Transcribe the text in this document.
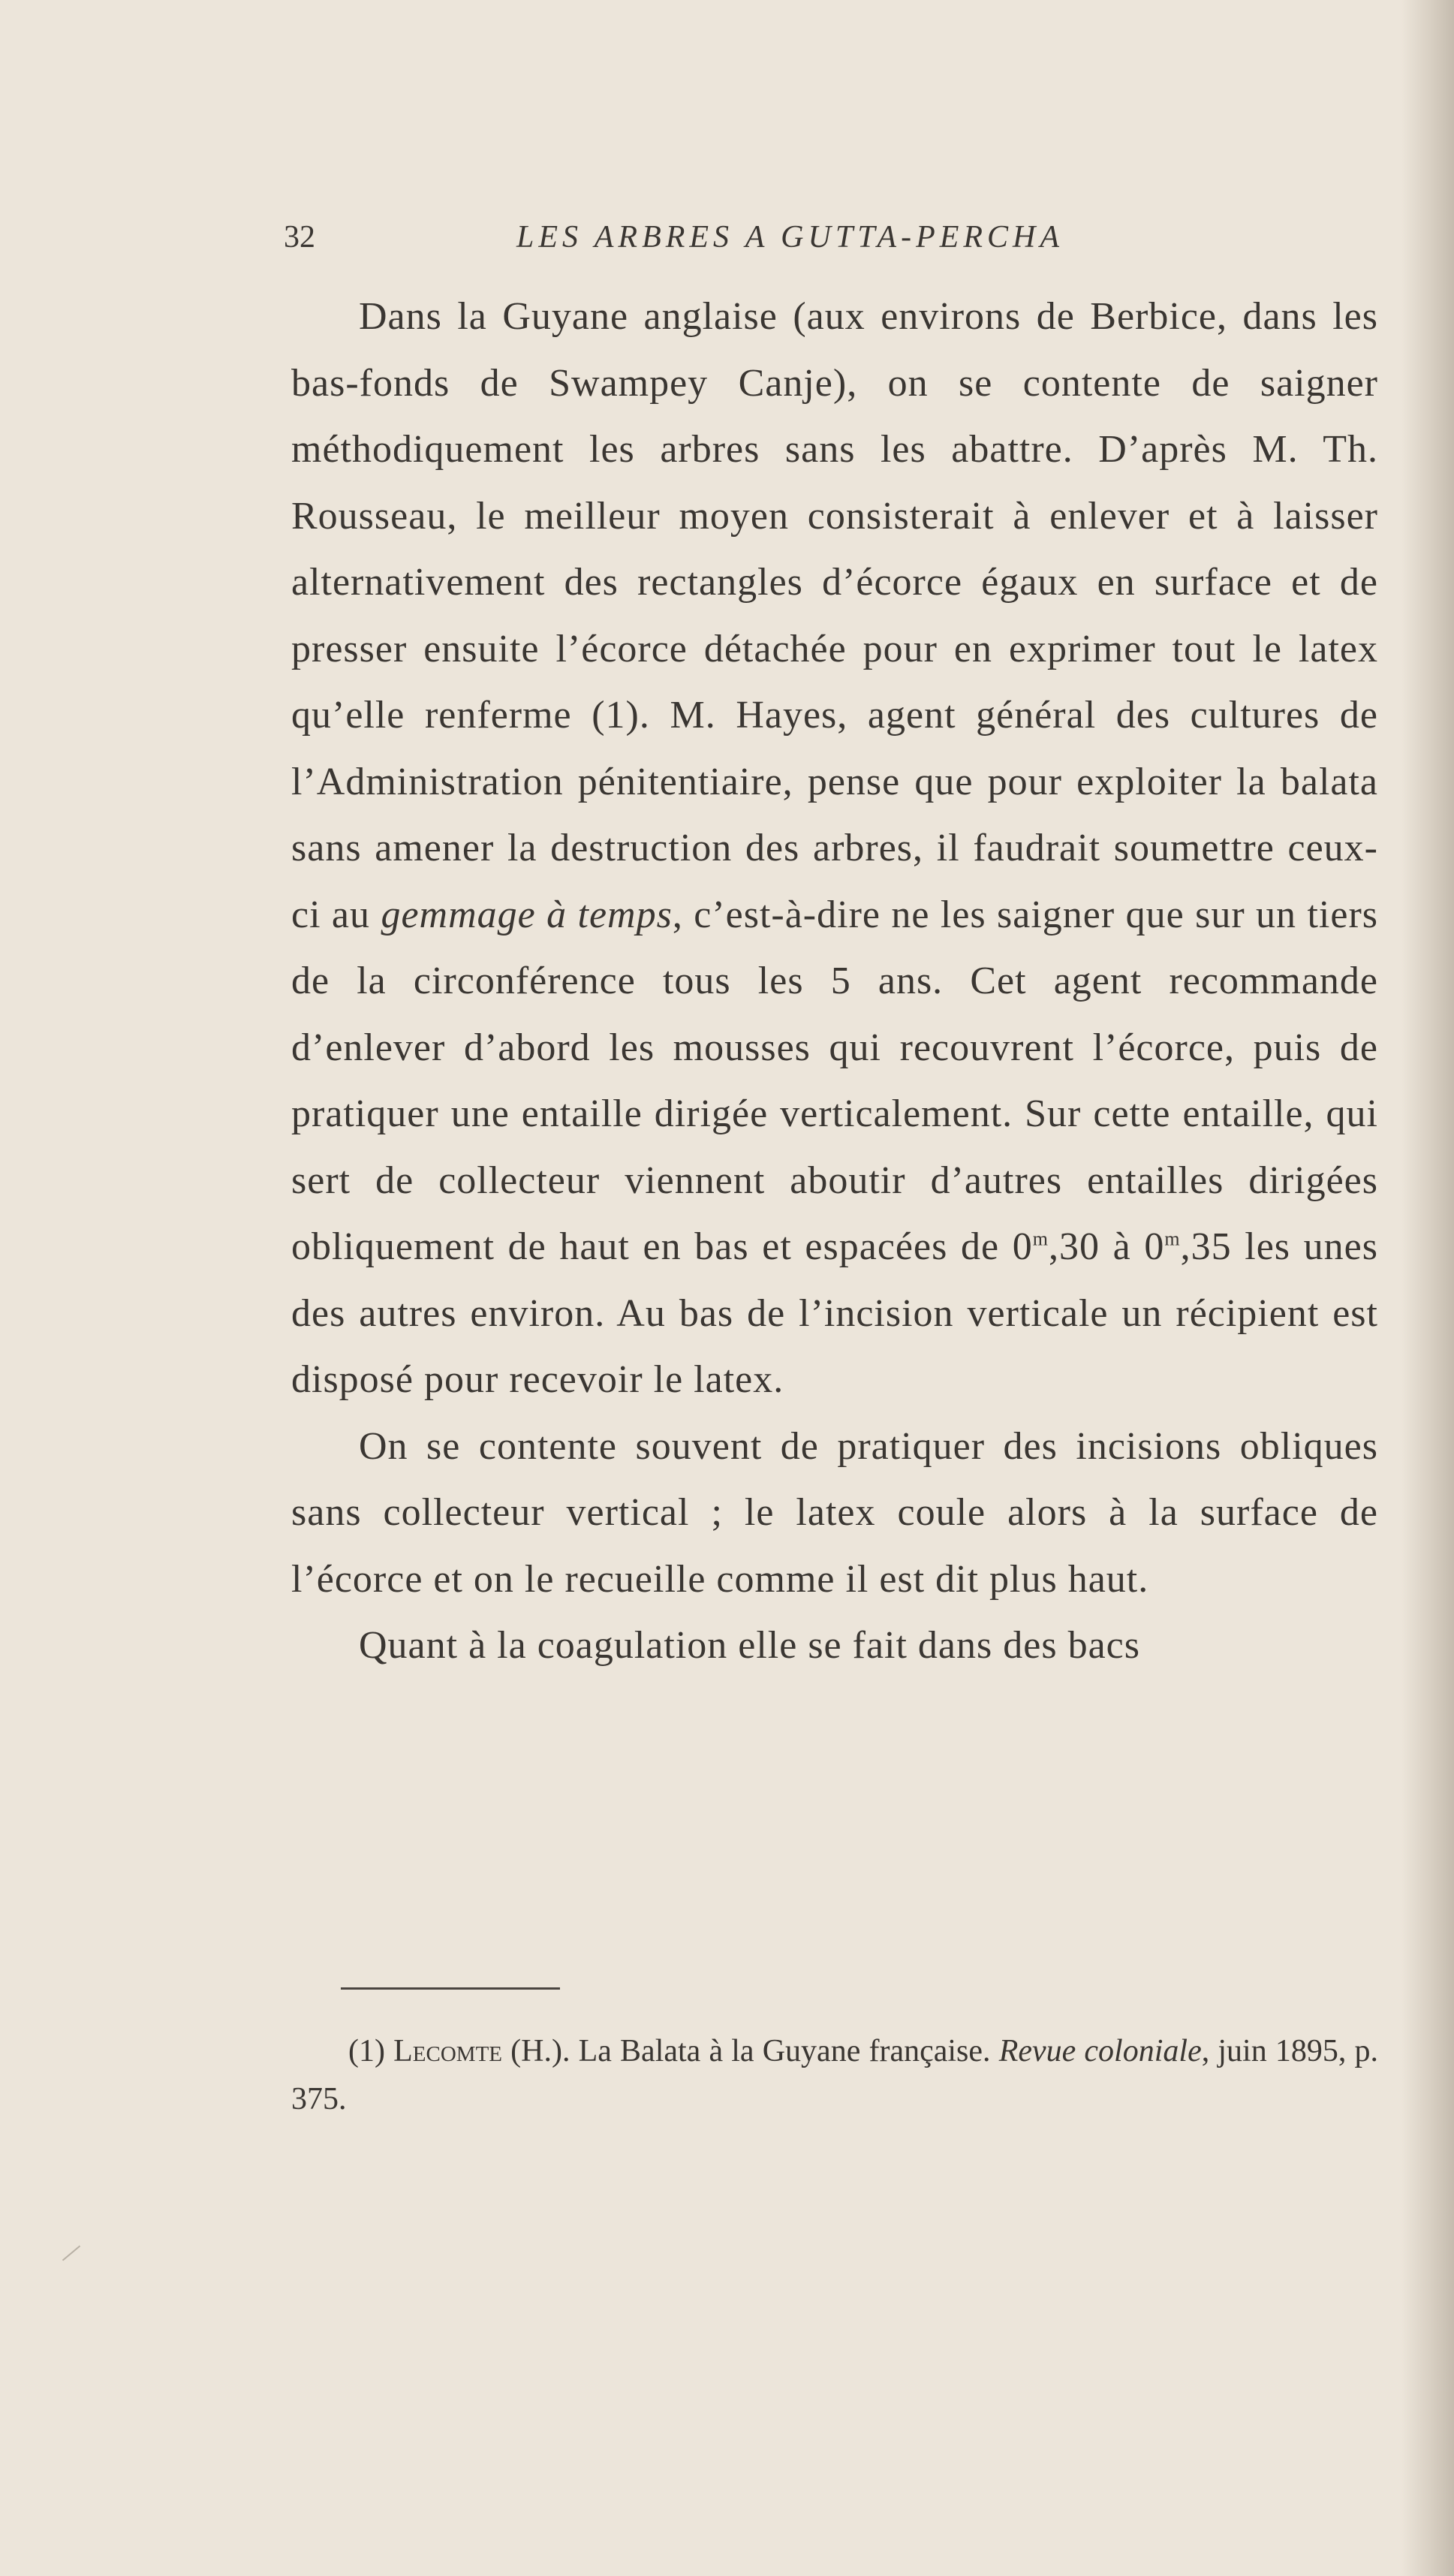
32	LES ARBRES A GUTTA-PERCHA

Dans la Guyane anglaise (aux environs de Berbice, dans les bas-fonds de Swampey Canje), on se contente de saigner méthodiquement les arbres sans les abattre. D’après M. Th. Rousseau, le meilleur moyen consisterait à enlever et à laisser alternativement des rectangles d’écorce égaux en surface et de presser ensuite l’écorce détachée pour en exprimer tout le latex qu’elle renferme (1). M. Hayes, agent général des cultures de l’Administration pénitentiaire, pense que pour exploiter la balata sans amener la destruction des arbres, il faudrait soumettre ceux-ci au gemmage à temps, c’est-à-dire ne les saigner que sur un tiers de la circonférence tous les 5 ans. Cet agent recommande d’enlever d’abord les mousses qui recouvrent l’écorce, puis de pratiquer une entaille dirigée verticalement. Sur cette entaille, qui sert de collecteur viennent aboutir d’autres entailles dirigées obliquement de haut en bas et espacées de 0$^m$,30 à 0$^m$,35 les unes des autres environ. Au bas de l’incision verticale un récipient est disposé pour recevoir le latex.

On se contente souvent de pratiquer des incisions obliques sans collecteur vertical ; le latex coule alors à la surface de l’écorce et on le recueille comme il est dit plus haut.

Quant à la coagulation elle se fait dans des bacs

(1) Lecomte (H.). La Balata à la Guyane française. Revue coloniale, juin 1895, p. 375.
